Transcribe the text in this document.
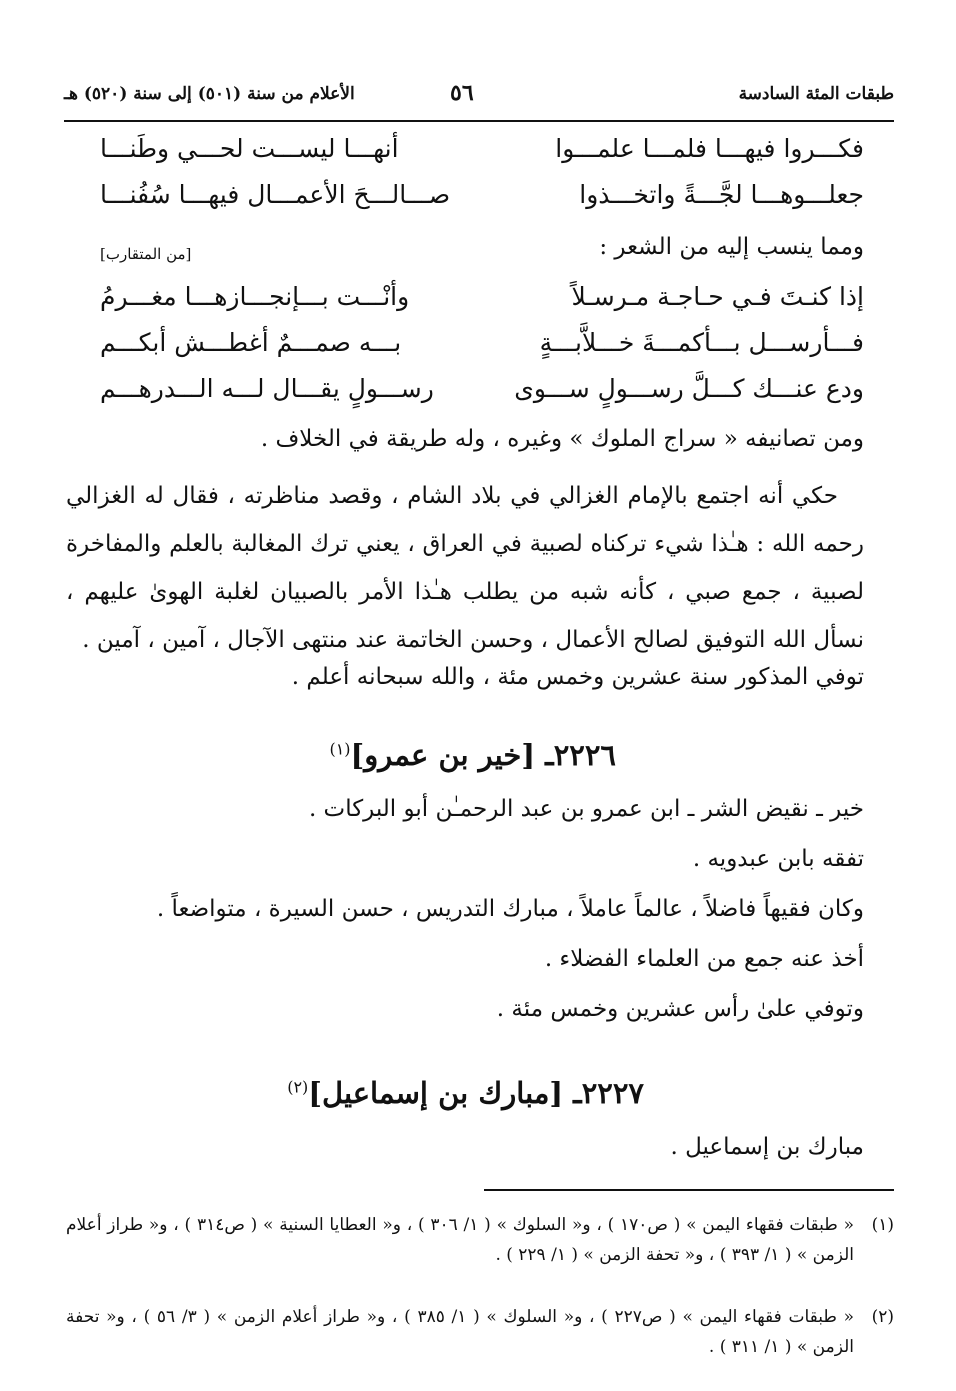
طبقات المئة السادسة
٥٦
الأعلام من سنة (٥٠١) إلى سنة (٥٢٠) هـ
فكـــروا فيهـــا فلمـــا علمـــوا
أنهـــا ليســـت لحـــي وطَنـــا
جعلـــوهـــا لجَّـــةً واتخـــذوا
صـــالـــحَ الأعمـــال فيهـــا سُفُنـــا
ومما ينسب إليه من الشعر :
[من المتقارب]
إذا كنـتَ فـي حـاجـة مـرسـلاً
وأنْـــت بـــإنجـــازهـــا مغـــرمُ
فـــأرســـل بـــأكمـــةَ خـــلاَّبـــةٍ
بـــه صمـــمٌ أغطـــش أبكـــم
ودع عنـــك كـــلَّ رســـولٍ ســـوى
رســـولٍ يقـــال لـــه الـــدرهـــم
ومن تصانيفه « سراج الملوك » وغيره ، وله طريقة في الخلاف .
حكي أنه اجتمع بالإمام الغزالي في بلاد الشام ، وقصد مناظرته ، فقال له الغزالي رحمه الله : هـٰذا شيء تركناه لصبية في العراق ، يعني ترك المغالبة بالعلم والمفاخرة لصبية ، جمع صبي ، كأنه شبه من يطلب هـٰذا الأمر بالصبيان لغلبة الهوىٰ عليهم ، نسأل الله التوفيق لصالح الأعمال ، وحسن الخاتمة عند منتهى الآجال ، آمين ، آمين .
توفي المذكور سنة عشرين وخمس مئة ، والله سبحانه أعلم .
٢٢٢٦ـ [خير بن عمرو]$^{(١)}$
خير ـ نقيض الشر ـ ابن عمرو بن عبد الرحمـٰن أبو البركات .
تفقه بابن عبدويه .
وكان فقيهاً فاضلاً ، عالماً عاملاً ، مبارك التدريس ، حسن السيرة ، متواضعاً .
أخذ عنه جمع من العلماء الفضلاء .
وتوفي علىٰ رأس عشرين وخمس مئة .
٢٢٢٧ـ [مبارك بن إسماعيل]$^{(٢)}$
مبارك بن إسماعيل .
(١)
« طبقات فقهاء اليمن » ( ص١٧٠ ) ، و« السلوك » ( ١/ ٣٠٦ ) ، و« العطايا السنية » ( ص٣١٤ ) ، و« طراز أعلام الزمن » ( ١/ ٣٩٣ ) ، و« تحفة الزمن » ( ١/ ٢٢٩ ) .
(٢)
« طبقات فقهاء اليمن » ( ص٢٢٧ ) ، و« السلوك » ( ١/ ٣٨٥ ) ، و« طراز أعلام الزمن » ( ٣/ ٥٦ ) ، و« تحفة الزمن » ( ١/ ٣١١ ) .
